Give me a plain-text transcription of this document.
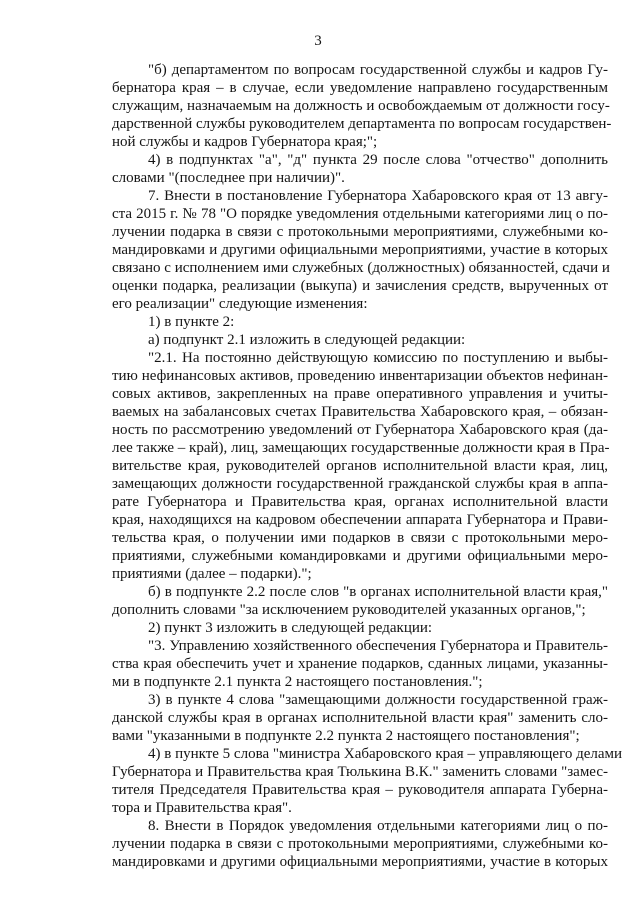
3
"б) департаментом по вопросам государственной службы и кадров Гу-
бернатора края – в случае, если уведомление направлено государственным
служащим, назначаемым на должность и освобождаемым от должности госу-
дарственной службы руководителем департамента по вопросам государствен-
ной службы и кадров Губернатора края;";
4) в подпунктах "а", "д" пункта 29 после слова "отчество" дополнить
словами "(последнее при наличии)".
7. Внести в постановление Губернатора Хабаровского края от 13 авгу-
ста 2015 г. № 78 "О порядке уведомления отдельными категориями лиц о по-
лучении подарка в связи с протокольными мероприятиями, служебными ко-
мандировками и другими официальными мероприятиями, участие в которых
связано с исполнением ими служебных (должностных) обязанностей, сдачи и
оценки подарка, реализации (выкупа) и зачисления средств, вырученных от
его реализации" следующие изменения:
1) в пункте 2:
а) подпункт 2.1 изложить в следующей редакции:
"2.1. На постоянно действующую комиссию по поступлению и выбы-
тию нефинансовых активов, проведению инвентаризации объектов нефинан-
совых активов, закрепленных на праве оперативного управления и учиты-
ваемых на забалансовых счетах Правительства Хабаровского края, – обязан-
ность по рассмотрению уведомлений от Губернатора Хабаровского края (да-
лее также – край), лиц, замещающих государственные должности края в Пра-
вительстве края, руководителей органов исполнительной власти края, лиц,
замещающих должности государственной гражданской службы края в аппа-
рате Губернатора и Правительства края, органах исполнительной власти
края, находящихся на кадровом обеспечении аппарата Губернатора и Прави-
тельства края, о получении ими подарков в связи с протокольными меро-
приятиями, служебными командировками и другими официальными меро-
приятиями (далее – подарки).";
б) в подпункте 2.2 после слов "в органах исполнительной власти края,"
дополнить словами "за исключением руководителей указанных органов,";
2) пункт 3 изложить в следующей редакции:
"3. Управлению хозяйственного обеспечения Губернатора и Правитель-
ства края обеспечить учет и хранение подарков, сданных лицами, указанны-
ми в подпункте 2.1 пункта 2 настоящего постановления.";
3) в пункте 4 слова "замещающими должности государственной граж-
данской службы края в органах исполнительной власти края" заменить сло-
вами "указанными в подпункте 2.2 пункта 2 настоящего постановления";
4) в пункте 5 слова "министра Хабаровского края – управляющего делами
Губернатора и Правительства края Тюлькина В.К." заменить словами "замес-
тителя Председателя Правительства края – руководителя аппарата Губерна-
тора и Правительства края".
8. Внести в Порядок уведомления отдельными категориями лиц о по-
лучении подарка в связи с протокольными мероприятиями, служебными ко-
мандировками и другими официальными мероприятиями, участие в которых
